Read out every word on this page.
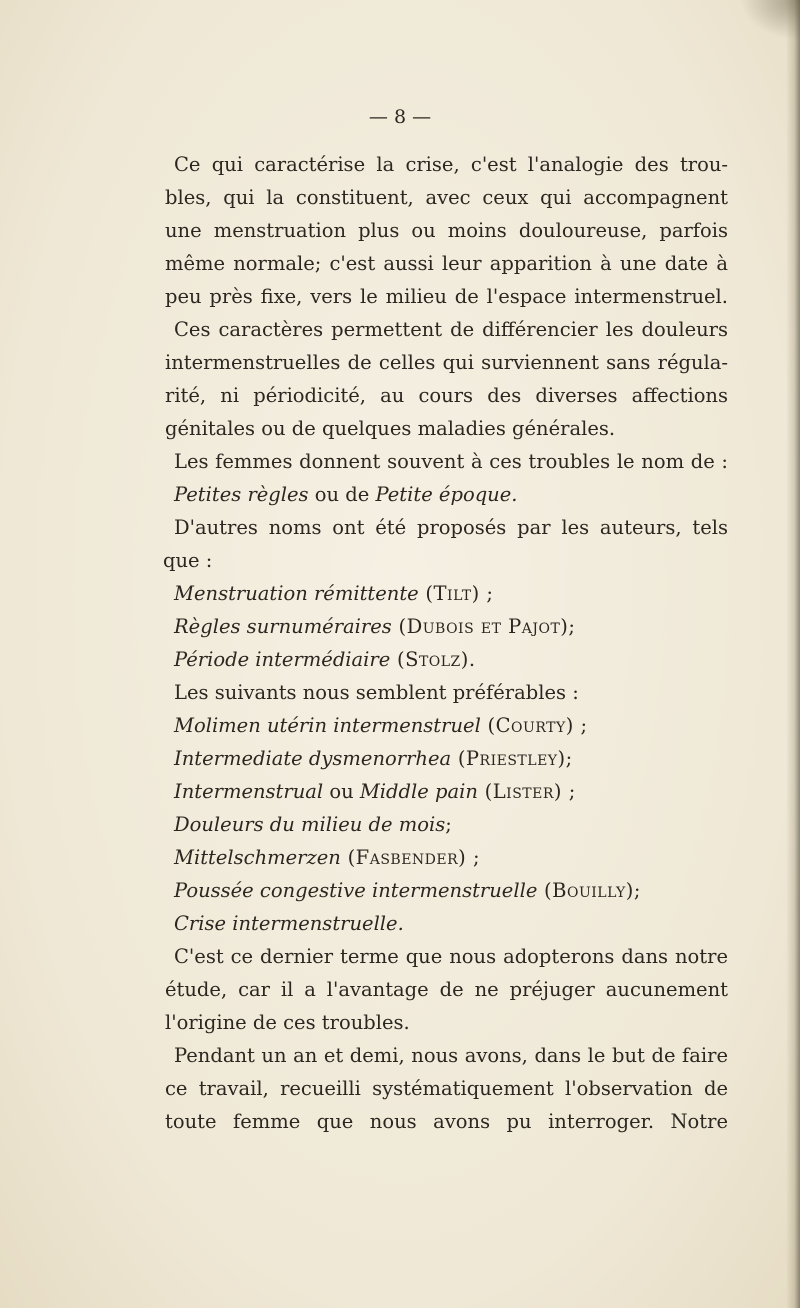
— 8 —
Ce qui caractérise la crise, c'est l'analogie des trou-
bles, qui la constituent, avec ceux qui accompagnent
une menstruation plus ou moins douloureuse, parfois
même normale; c'est aussi leur apparition à une date à
peu près fixe, vers le milieu de l'espace intermenstruel.
Ces caractères permettent de différencier les douleurs
intermenstruelles de celles qui surviennent sans régula-
rité, ni périodicité, au cours des diverses affections
génitales ou de quelques maladies générales.
Les femmes donnent souvent à ces troubles le nom de :
Petites règles ou de Petite époque.
D'autres noms ont été proposés par les auteurs, tels
que :
Menstruation rémittente (Tilt) ;
Règles surnuméraires (Dubois et Pajot);
Période intermédiaire (Stolz).
Les suivants nous semblent préférables :
Molimen utérin intermenstruel (Courty) ;
Intermediate dysmenorrhea (Priestley);
Intermenstrual ou Middle pain (Lister) ;
Douleurs du milieu de mois;
Mittelschmerzen (Fasbender) ;
Poussée congestive intermenstruelle (Bouilly);
Crise intermenstruelle.
C'est ce dernier terme que nous adopterons dans notre
étude, car il a l'avantage de ne préjuger aucunement
l'origine de ces troubles.
Pendant un an et demi, nous avons, dans le but de faire
ce travail, recueilli systématiquement l'observation de
toute femme que nous avons pu interroger. Notre
